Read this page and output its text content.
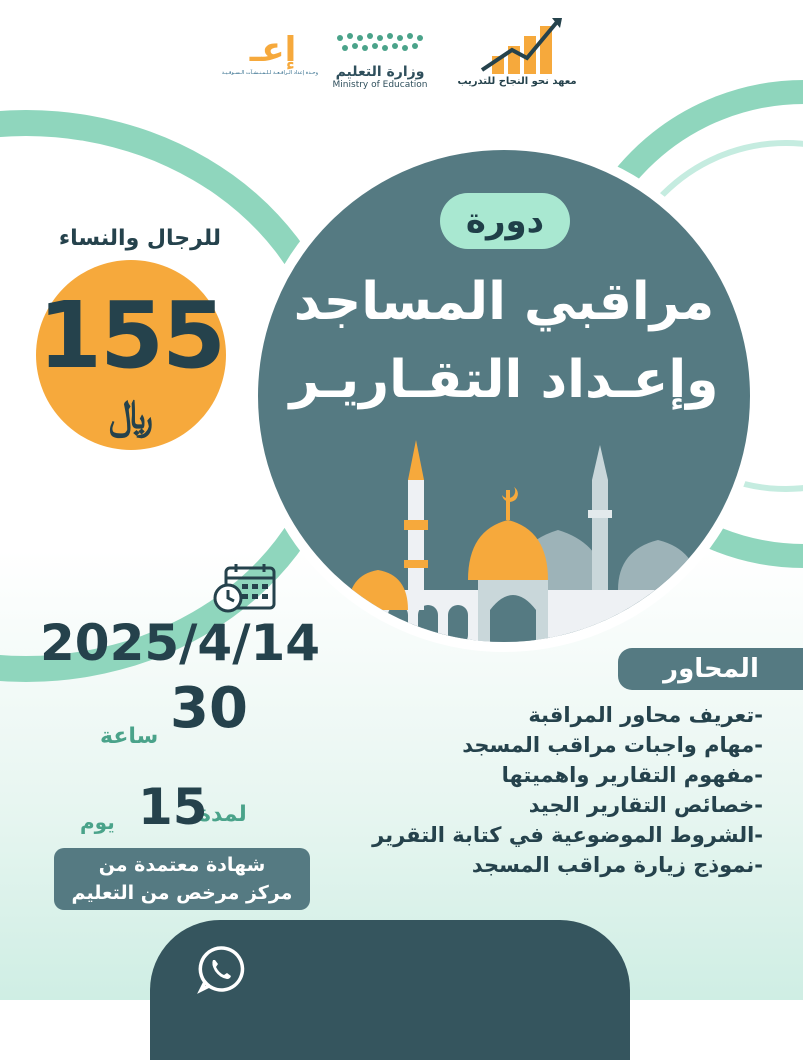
إعـ
وحـدة إعداد الـرافـعـة لـلـمـنـشـآت الـسـوقـيـة	وزارة التعليم
Ministry of Education	معهد نحو النجاح للتدريب
دورة
مراقبي المساجد
وإعـداد التقـاريـر
للرجال والنساء
155
﷼
2025/4/14
30
ساعة
لمدة
15
يوم
شهادة معتمدة من
مركز مرخص من التعليم
المحاور
-تعريف محاور المراقبة
-مهام واجبات مراقب المسجد
-مفهوم التقارير واهميتها
-خصائص التقارير الجيد
-الشروط الموضوعية في كتابة التقرير
-نموذج زيارة مراقب المسجد
